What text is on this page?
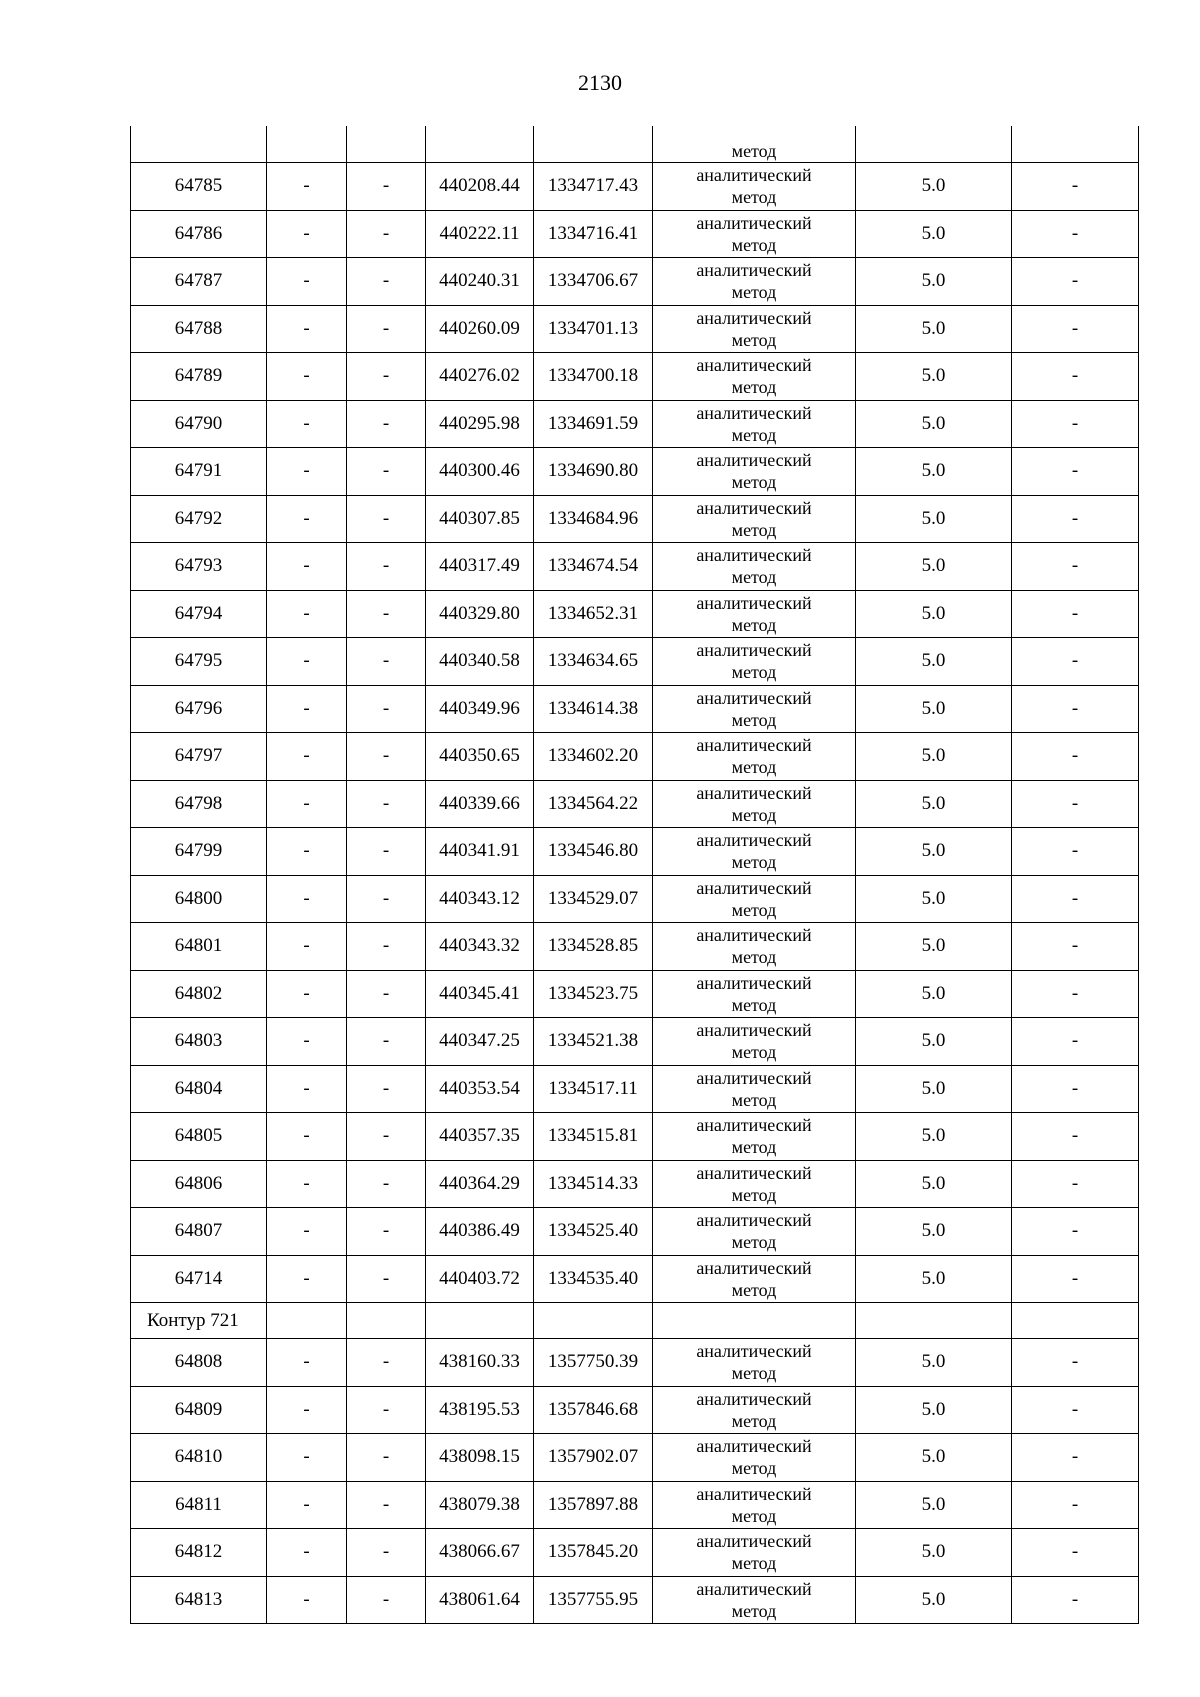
2130
					метод		
64785	-	-	440208.44	1334717.43	аналитический
метод	5.0	-
64786	-	-	440222.11	1334716.41	аналитический
метод	5.0	-
64787	-	-	440240.31	1334706.67	аналитический
метод	5.0	-
64788	-	-	440260.09	1334701.13	аналитический
метод	5.0	-
64789	-	-	440276.02	1334700.18	аналитический
метод	5.0	-
64790	-	-	440295.98	1334691.59	аналитический
метод	5.0	-
64791	-	-	440300.46	1334690.80	аналитический
метод	5.0	-
64792	-	-	440307.85	1334684.96	аналитический
метод	5.0	-
64793	-	-	440317.49	1334674.54	аналитический
метод	5.0	-
64794	-	-	440329.80	1334652.31	аналитический
метод	5.0	-
64795	-	-	440340.58	1334634.65	аналитический
метод	5.0	-
64796	-	-	440349.96	1334614.38	аналитический
метод	5.0	-
64797	-	-	440350.65	1334602.20	аналитический
метод	5.0	-
64798	-	-	440339.66	1334564.22	аналитический
метод	5.0	-
64799	-	-	440341.91	1334546.80	аналитический
метод	5.0	-
64800	-	-	440343.12	1334529.07	аналитический
метод	5.0	-
64801	-	-	440343.32	1334528.85	аналитический
метод	5.0	-
64802	-	-	440345.41	1334523.75	аналитический
метод	5.0	-
64803	-	-	440347.25	1334521.38	аналитический
метод	5.0	-
64804	-	-	440353.54	1334517.11	аналитический
метод	5.0	-
64805	-	-	440357.35	1334515.81	аналитический
метод	5.0	-
64806	-	-	440364.29	1334514.33	аналитический
метод	5.0	-
64807	-	-	440386.49	1334525.40	аналитический
метод	5.0	-
64714	-	-	440403.72	1334535.40	аналитический
метод	5.0	-
Контур 721							
64808	-	-	438160.33	1357750.39	аналитический
метод	5.0	-
64809	-	-	438195.53	1357846.68	аналитический
метод	5.0	-
64810	-	-	438098.15	1357902.07	аналитический
метод	5.0	-
64811	-	-	438079.38	1357897.88	аналитический
метод	5.0	-
64812	-	-	438066.67	1357845.20	аналитический
метод	5.0	-
64813	-	-	438061.64	1357755.95	аналитический
метод	5.0	-
